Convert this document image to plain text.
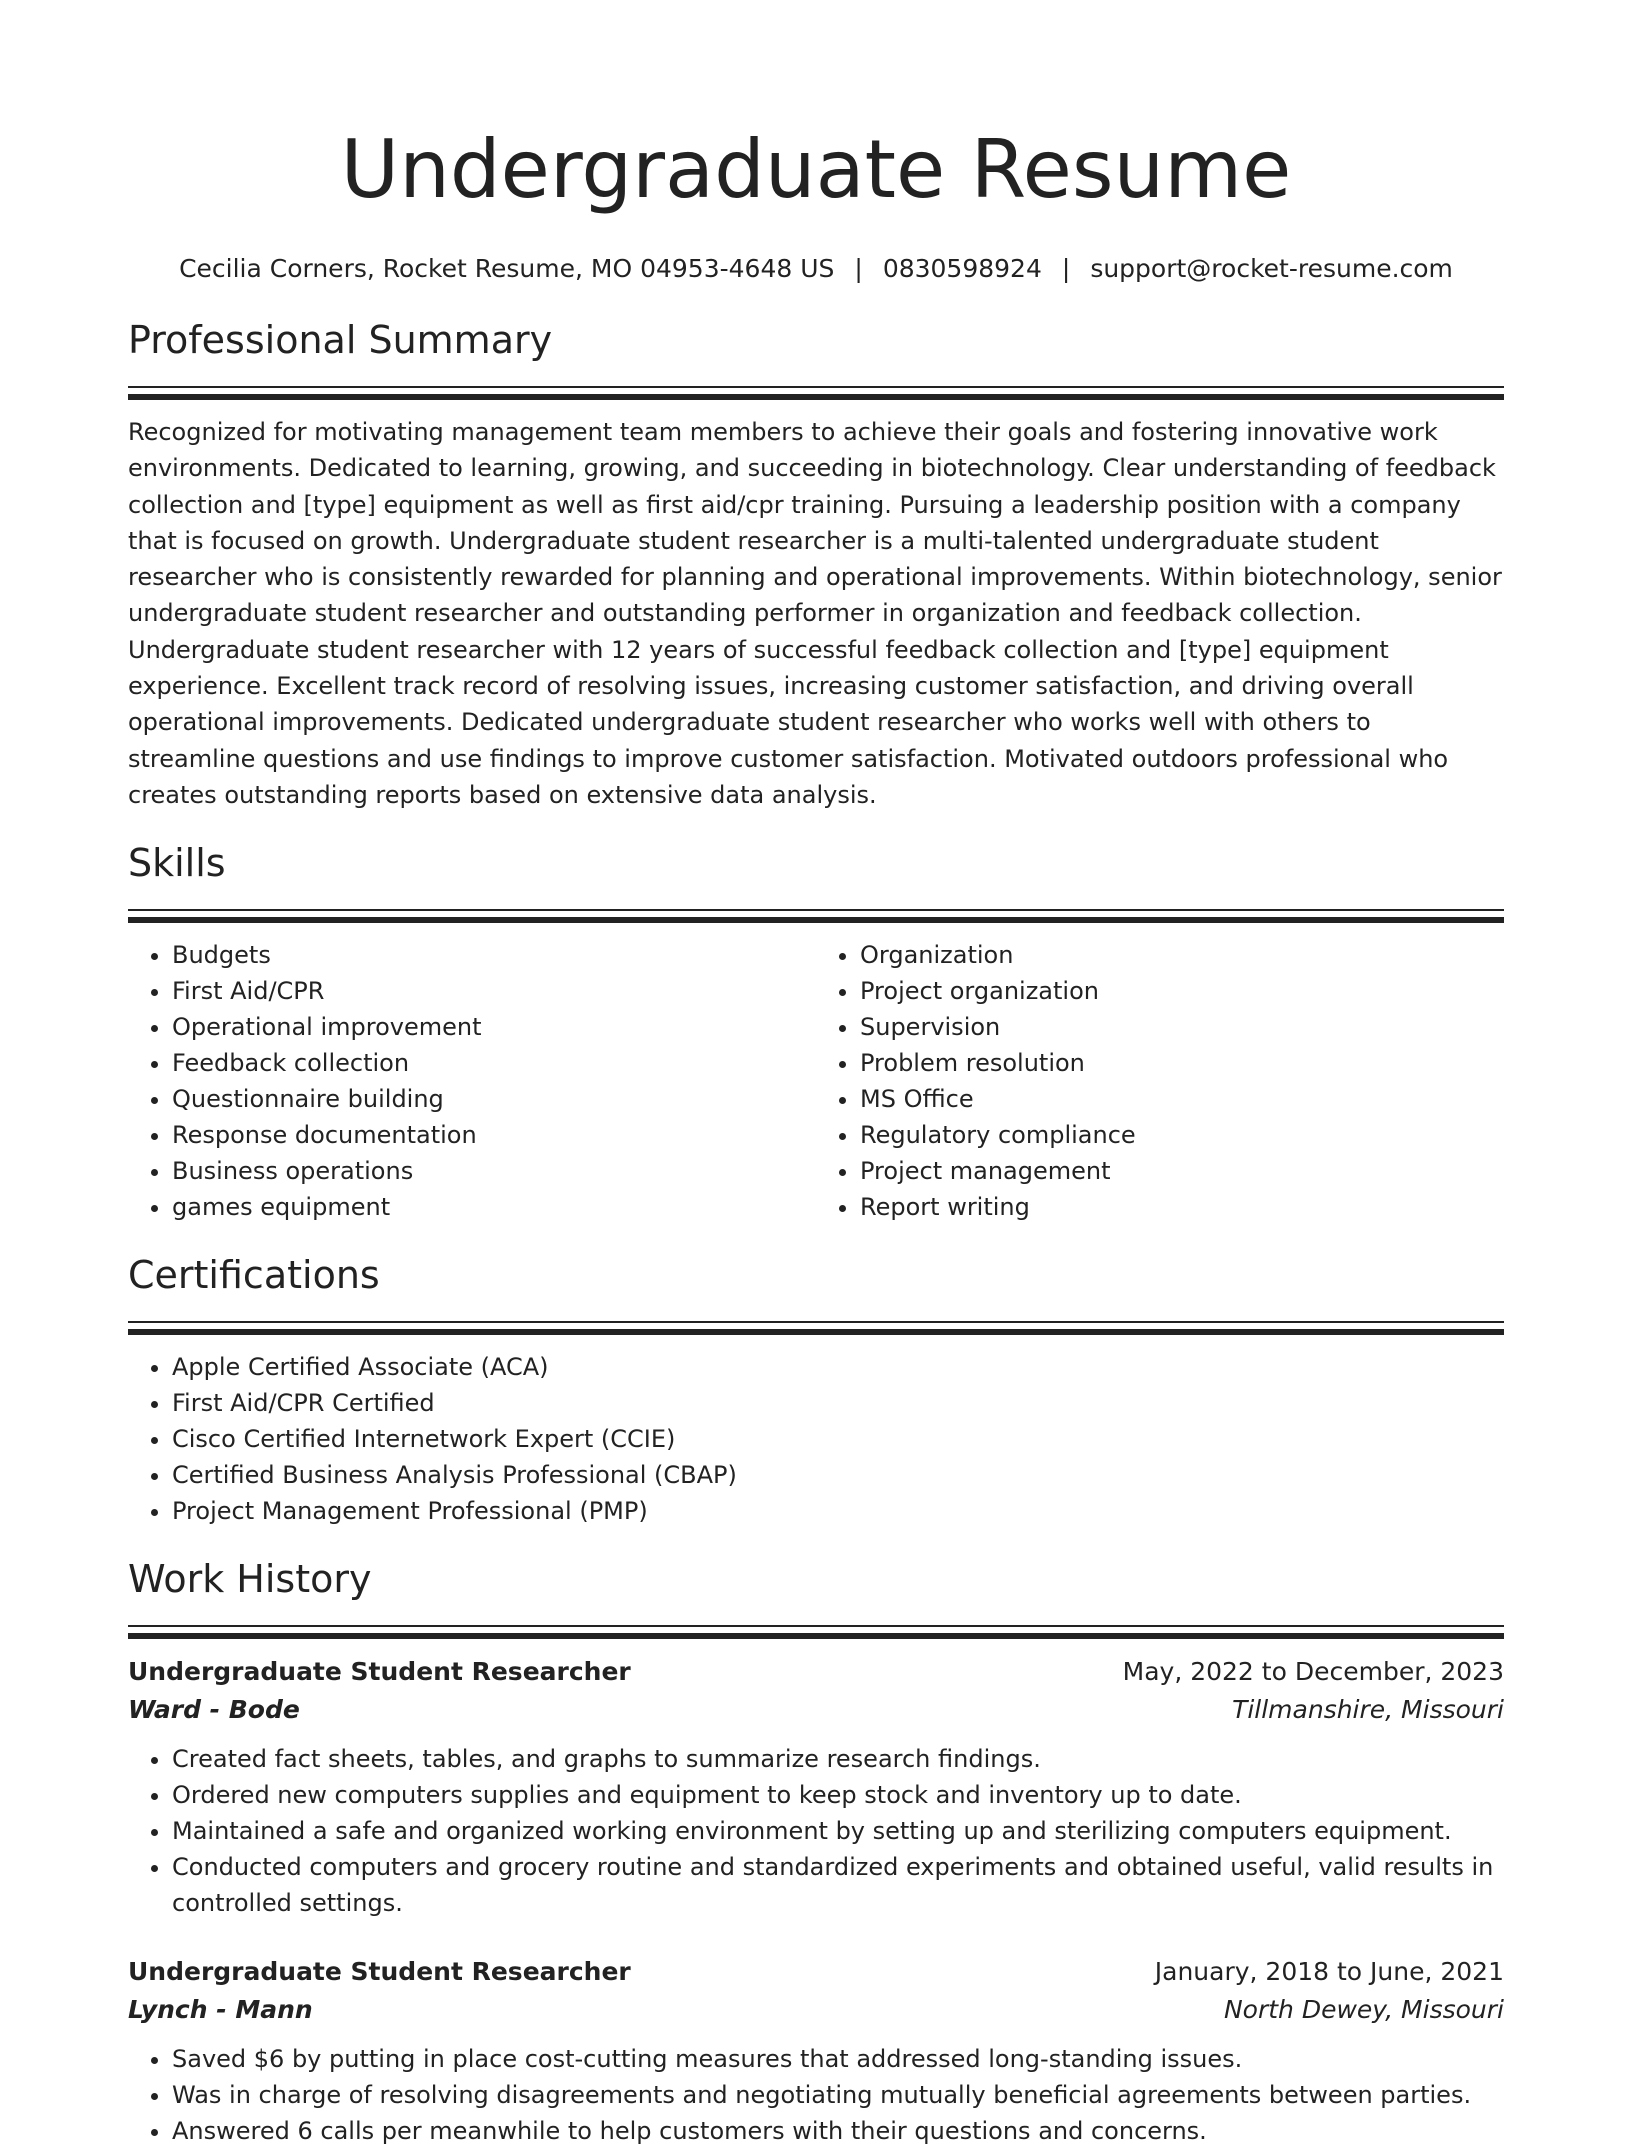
Undergraduate Resume
Cecilia Corners, Rocket Resume, MO 04953-4648 US | 0830598924 | support@rocket-resume.com
Professional Summary
Recognized for motivating management team members to achieve their goals and fostering innovative work environments. Dedicated to learning, growing, and succeeding in biotechnology. Clear understanding of feedback collection and [type] equipment as well as first aid/cpr training. Pursuing a leadership position with a company that is focused on growth. Undergraduate student researcher is a multi-talented undergraduate student researcher who is consistently rewarded for planning and operational improvements. Within biotechnology, senior undergraduate student researcher and outstanding performer in organization and feedback collection. Undergraduate student researcher with 12 years of successful feedback collection and [type] equipment experience. Excellent track record of resolving issues, increasing customer satisfaction, and driving overall operational improvements. Dedicated undergraduate student researcher who works well with others to streamline questions and use findings to improve customer satisfaction. Motivated outdoors professional who creates outstanding reports based on extensive data analysis.
Skills
• Budgets
• First Aid/CPR
• Operational improvement
• Feedback collection
• Questionnaire building
• Response documentation
• Business operations
• games equipment
• Organization
• Project organization
• Supervision
• Problem resolution
• MS Office
• Regulatory compliance
• Project management
• Report writing
Certifications
• Apple Certified Associate (ACA)
• First Aid/CPR Certified
• Cisco Certified Internetwork Expert (CCIE)
• Certified Business Analysis Professional (CBAP)
• Project Management Professional (PMP)
Work History
Undergraduate Student Researcher	May, 2022 to December, 2023
Ward - Bode	Tillmanshire, Missouri
• Created fact sheets, tables, and graphs to summarize research findings.
• Ordered new computers supplies and equipment to keep stock and inventory up to date.
• Maintained a safe and organized working environment by setting up and sterilizing computers equipment.
• Conducted computers and grocery routine and standardized experiments and obtained useful, valid results in controlled settings.
Undergraduate Student Researcher	January, 2018 to June, 2021
Lynch - Mann	North Dewey, Missouri
• Saved $6 by putting in place cost-cutting measures that addressed long-standing issues.
• Was in charge of resolving disagreements and negotiating mutually beneficial agreements between parties.
• Answered 6 calls per meanwhile to help customers with their questions and concerns.
